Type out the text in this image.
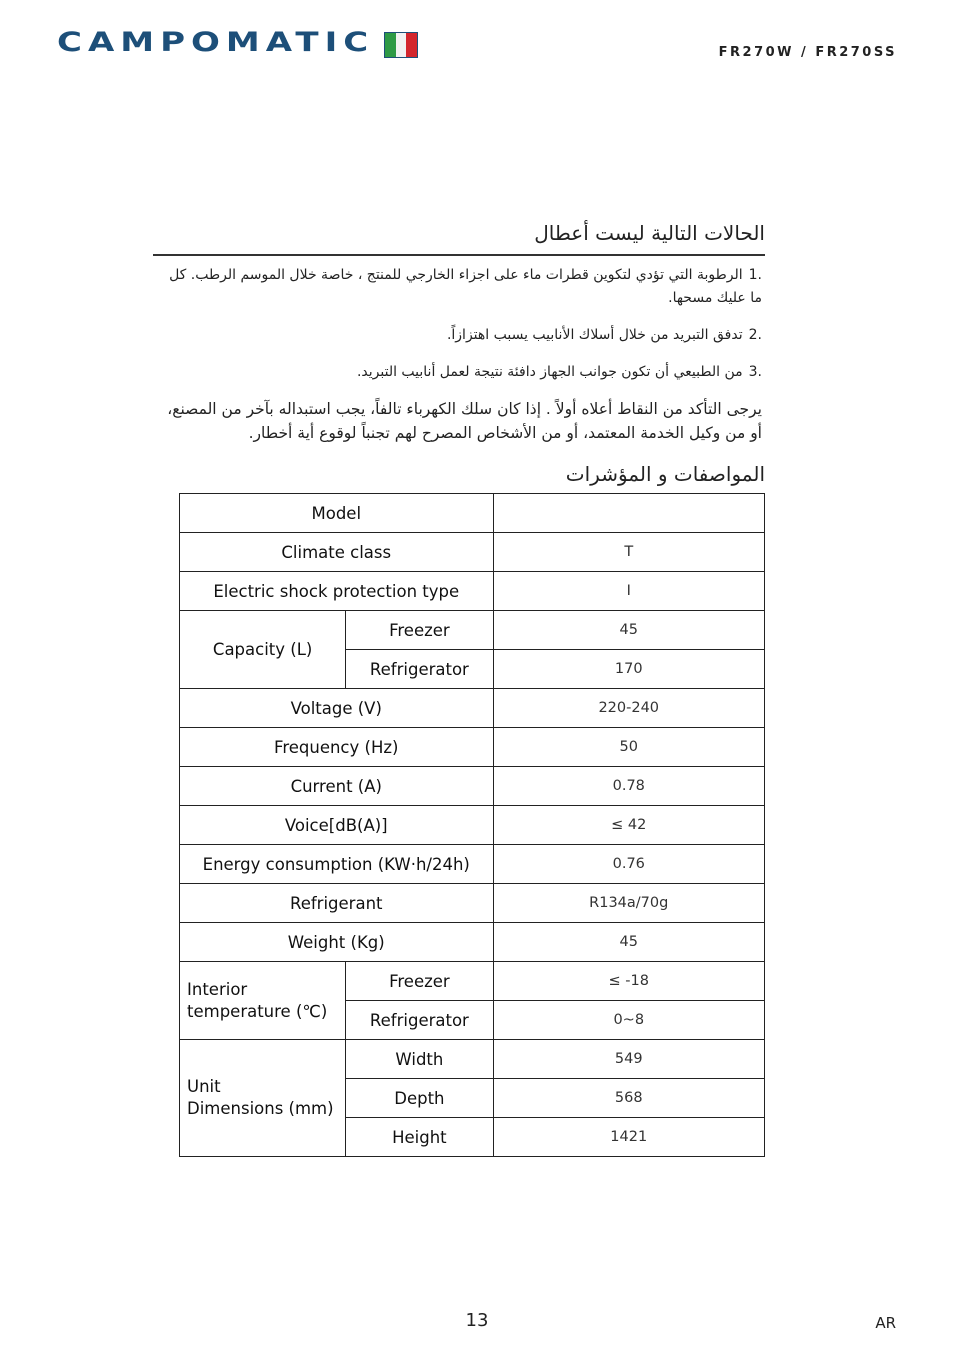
CAMPOMATIC	FR270W / FR270SS
الحالات التالية ليست أعطال
.1الرطوبة التي تؤدي لتكوين قطرات ماء على اجزاء الخارجي للمنتج ، خاصة خلال الموسم الرطب. كل ما عليك مسحها.
.2تدفق التبريد من خلال أسلاك الأنابيب يسبب اهتزازاً.
.3من الطبيعي أن تكون جوانب الجهاز دافئة نتيجة لعمل أنابيب التبريد.
يرجى التأكد من النقاط أعلاه أولاً . إذا كان سلك الكهرباء تالفاً، يجب استبداله بآخر من المصنع، أو من وكيل الخدمة المعتمد، أو من الأشخاص المصرح لهم تجنباً لوقوع أية أخطار.
المواصفات و المؤشرات
Model		
Climate class		T
Electric shock protection type		I
Capacity (L)	Freezer	45
	Refrigerator	170
Voltage (V)		220-240
Frequency (Hz)		50
Current (A)		0.78
Voice[dB(A)]		≤ 42
Energy consumption (KW·h/24h)		0.76
Refrigerant		R134a/70g
Weight (Kg)		45
Interior
temperature (℃)	Freezer	≤ -18
	Refrigerator	0~8
Unit
Dimensions (mm)	Width	549
	Depth	568
	Height	1421
13	AR
